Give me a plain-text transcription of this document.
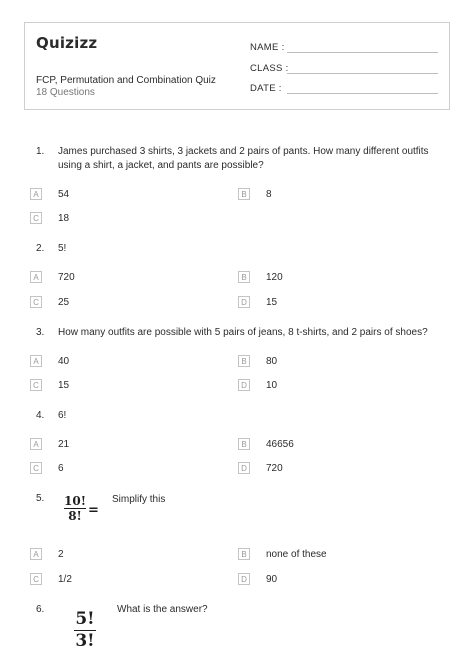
Quizizz
FCP, Permutation and Combination Quiz
18 Questions
NAME :
CLASS :
DATE :
1. James purchased 3 shirts, 3 jackets and 2 pairs of pants. How many different outfits using a shirt, a jacket, and pants are possible?
A	54	B	8
C	18
2. 5!
A	720	B	120
C	25	D	15
3. How many outfits are possible with 5 pairs of jeans, 8 t-shirts, and 2 pairs of shoes?
A	40	B	80
C	15	D	10
4. 6!
A	21	B	46656
C	6	D	720
5. 10!
8! =
Simplify this
A	2	B	none of these
C	1/2	D	90
6. 5!
3!
What is the answer?
